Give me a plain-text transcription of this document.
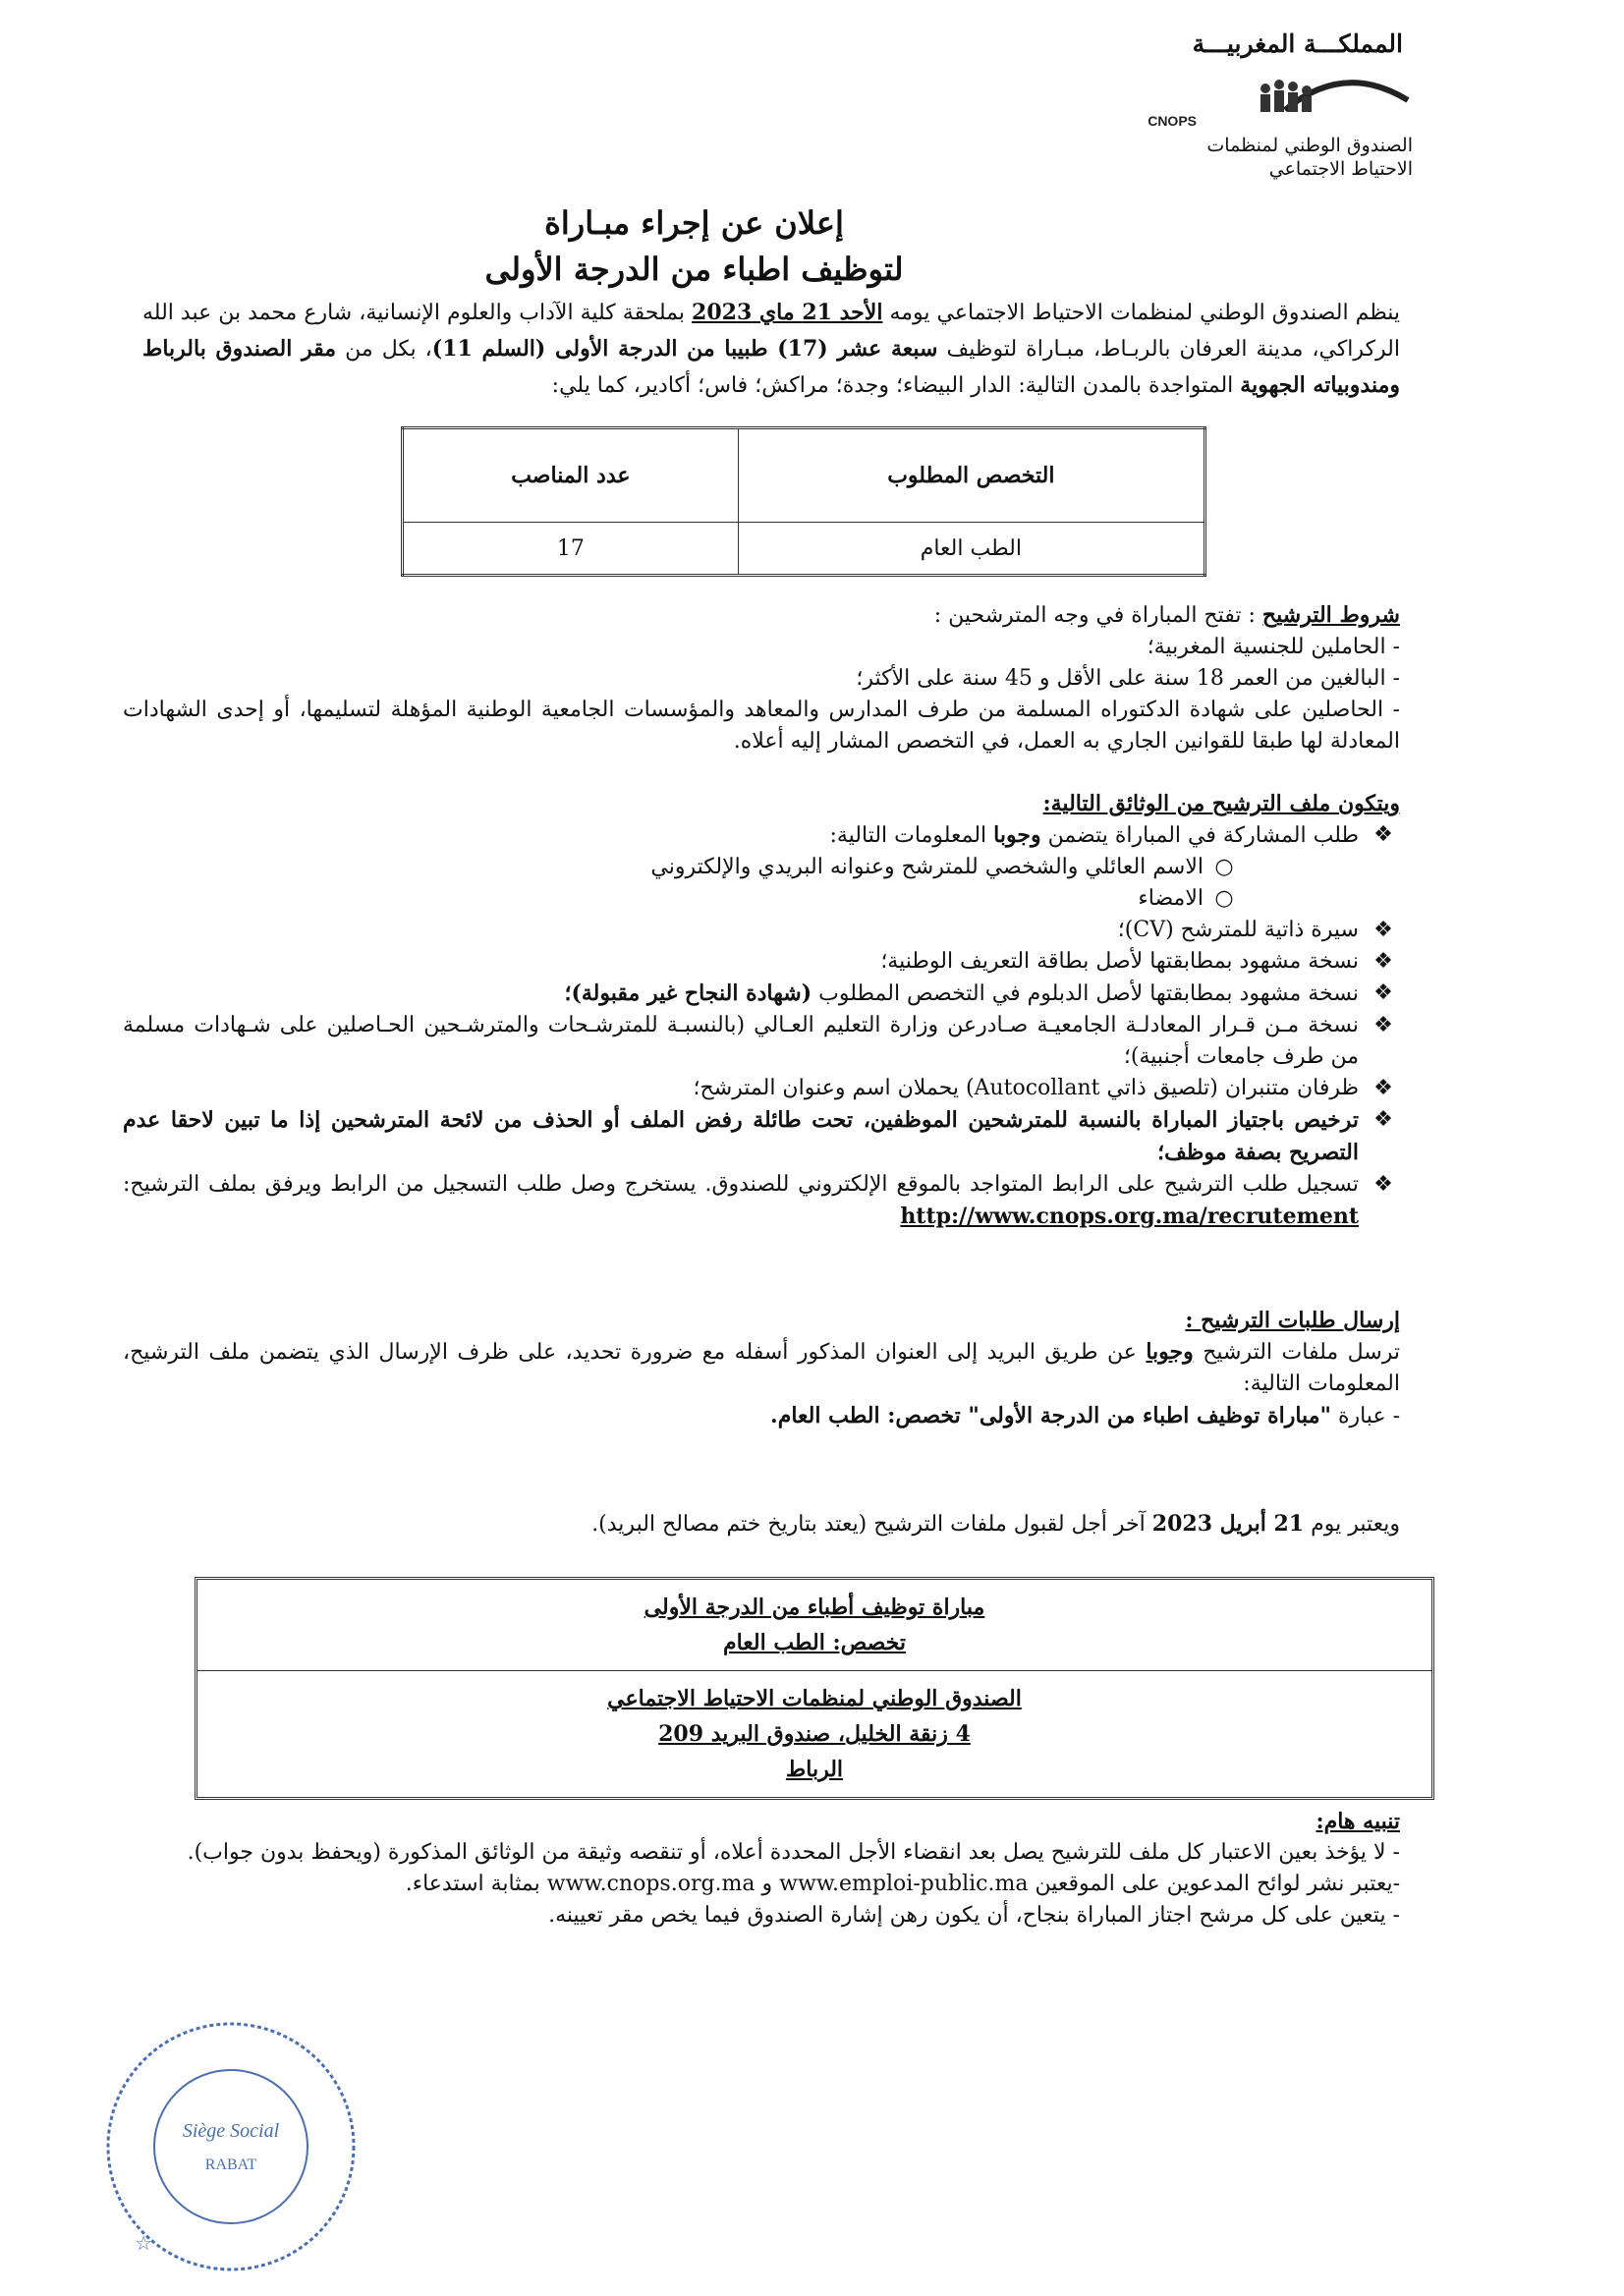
المملكـــة المغربيـــة
CNOPS
الصندوق الوطني لمنظمات
الاحتياط الاجتماعي
إعلان عن إجراء مبـاراة
لتوظيف اطباء من الدرجة الأولى
ينظم الصندوق الوطني لمنظمات الاحتياط الاجتماعي يومه الأحد 21 ماي 2023 بملحقة كلية الآداب والعلوم الإنسانية، شارع محمد بن عبد الله الركراكي، مدينة العرفان بالربـاط، مبـاراة لتوظيف سبعة عشر (17) طبيبا من الدرجة الأولى (السلم 11)، بكل من مقر الصندوق بالرباط ومندوبياته الجهوية المتواجدة بالمدن التالية: الدار البيضاء؛ وجدة؛ مراكش؛ فاس؛ أكادير، كما يلي:
التخصص المطلوب	عدد المناصب
الطب العام	17
شروط الترشيح : تفتح المباراة في وجه المترشحين :
- الحاملين للجنسية المغربية؛
- البالغين من العمر 18 سنة على الأقل و 45 سنة على الأكثر؛
- الحاصلين على شهادة الدكتوراه المسلمة من طرف المدارس والمعاهد والمؤسسات الجامعية الوطنية المؤهلة لتسليمها، أو إحدى الشهادات المعادلة لها طبقا للقوانين الجاري به العمل، في التخصص المشار إليه أعلاه.
ويتكون ملف الترشيح من الوثائق التالية:
❖
طلب المشاركة في المباراة يتضمن وجوبا المعلومات التالية:
○
الاسم العائلي والشخصي للمترشح وعنوانه البريدي والإلكتروني
○
الامضاء
❖
سيرة ذاتية للمترشح (CV)؛
❖
نسخة مشهود بمطابقتها لأصل بطاقة التعريف الوطنية؛
❖
نسخة مشهود بمطابقتها لأصل الدبلوم في التخصص المطلوب (شهادة النجاح غير مقبولة)؛
❖
نسخة مـن قـرار المعادلـة الجامعيـة صـادرعن وزارة التعليم العـالي (بالنسبـة للمترشـحات والمترشـحين الحـاصلين على شـهادات مسلمة من طرف جامعات أجنبية)؛
❖
ظرفان متنبران (تلصيق ذاتي Autocollant) يحملان اسم وعنوان المترشح؛
❖
ترخيص باجتياز المباراة بالنسبة للمترشحين الموظفين، تحت طائلة رفض الملف أو الحذف من لائحة المترشحين إذا ما تبين لاحقا عدم التصريح بصفة موظف؛
❖
تسجيل طلب الترشيح على الرابط المتواجد بالموقع الإلكتروني للصندوق. يستخرج وصل طلب التسجيل من الرابط ويرفق بملف الترشيح: http://www.cnops.org.ma/recrutement
إرسال طلبات الترشيح :
ترسل ملفات الترشيح وجوبا عن طريق البريد إلى العنوان المذكور أسفله مع ضرورة تحديد، على ظرف الإرسال الذي يتضمن ملف الترشيح، المعلومات التالية:
- عبارة "مباراة توظيف اطباء من الدرجة الأولى" تخصص: الطب العام.
ويعتبر يوم 21 أبريل 2023 آخر أجل لقبول ملفات الترشيح (يعتد بتاريخ ختم مصالح البريد).
مباراة توظيف أطباء من الدرجة الأولى
تخصص: الطب العام
الصندوق الوطني لمنظمات الاحتياط الاجتماعي
4 زنقة الخليل، صندوق البريد 209
الرباط
تنبيه هام:
- لا يؤخذ بعين الاعتبار كل ملف للترشيح يصل بعد انقضاء الأجل المحددة أعلاه، أو تنقصه وثيقة من الوثائق المذكورة (ويحفظ بدون جواب).
-يعتبر نشر لوائح المدعوين على الموقعين www.emploi-public.ma و www.cnops.org.ma بمثابة استدعاء.
- يتعين على كل مرشح اجتاز المباراة بنجاح، أن يكون رهن إشارة الصندوق فيما يخص مقر تعيينه.
Siège Social
RABAT
☆
